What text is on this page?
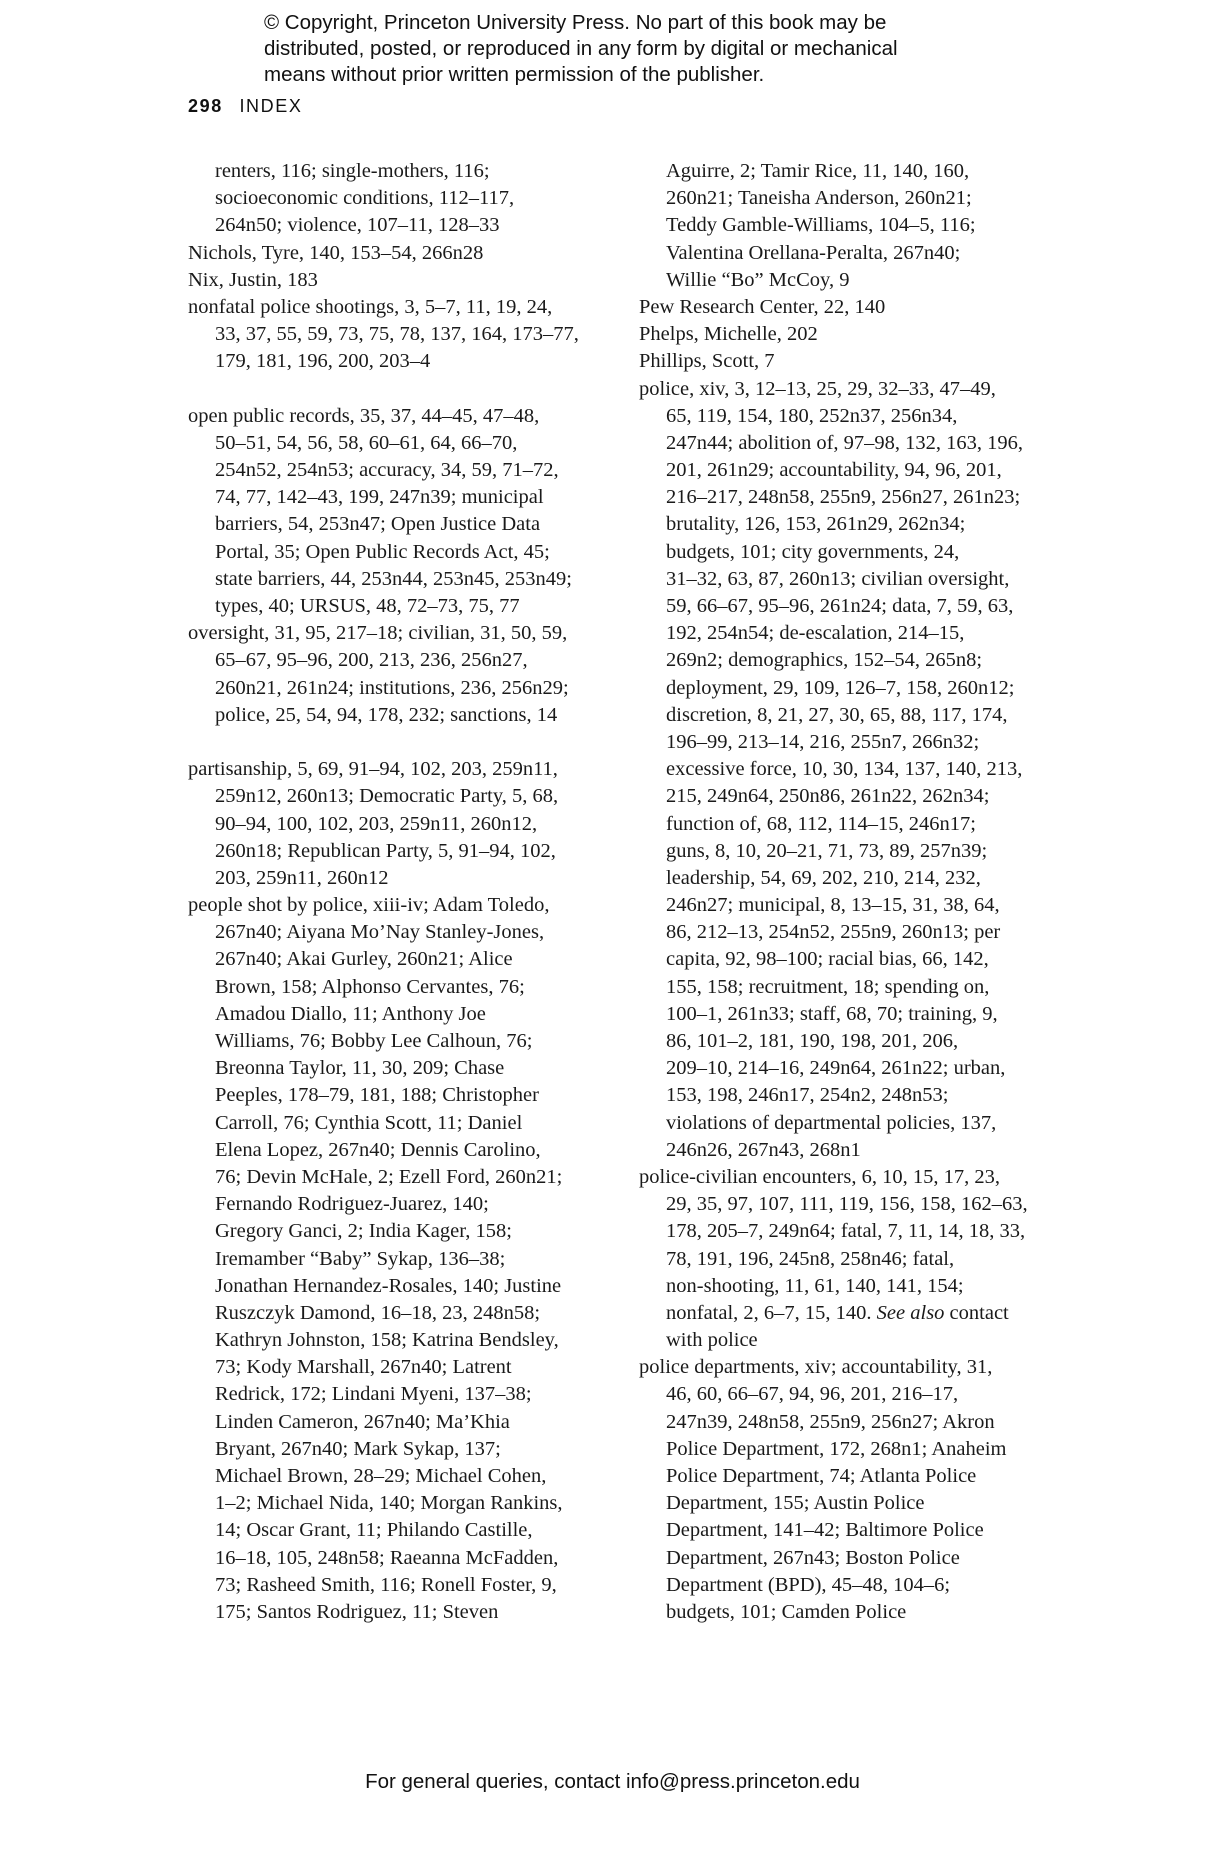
© Copyright, Princeton University Press. No part of this book may be
distributed, posted, or reproduced in any form by digital or mechanical
means without prior written permission of the publisher.
298 INDEX
renters, 116; single-mothers, 116;
socioeconomic conditions, 112–117,
264n50; violence, 107–11, 128–33
Nichols, Tyre, 140, 153–54, 266n28
Nix, Justin, 183
nonfatal police shootings, 3, 5–7, 11, 19, 24,
33, 37, 55, 59, 73, 75, 78, 137, 164, 173–77,
179, 181, 196, 200, 203–4
open public records, 35, 37, 44–45, 47–48,
50–51, 54, 56, 58, 60–61, 64, 66–70,
254n52, 254n53; accuracy, 34, 59, 71–72,
74, 77, 142–43, 199, 247n39; municipal
barriers, 54, 253n47; Open Justice Data
Portal, 35; Open Public Records Act, 45;
state barriers, 44, 253n44, 253n45, 253n49;
types, 40; URSUS, 48, 72–73, 75, 77
oversight, 31, 95, 217–18; civilian, 31, 50, 59,
65–67, 95–96, 200, 213, 236, 256n27,
260n21, 261n24; institutions, 236, 256n29;
police, 25, 54, 94, 178, 232; sanctions, 14
partisanship, 5, 69, 91–94, 102, 203, 259n11,
259n12, 260n13; Democratic Party, 5, 68,
90–94, 100, 102, 203, 259n11, 260n12,
260n18; Republican Party, 5, 91–94, 102,
203, 259n11, 260n12
people shot by police, xiii-iv; Adam Toledo,
267n40; Aiyana Mo’Nay Stanley-Jones,
267n40; Akai Gurley, 260n21; Alice
Brown, 158; Alphonso Cervantes, 76;
Amadou Diallo, 11; Anthony Joe
Williams, 76; Bobby Lee Calhoun, 76;
Breonna Taylor, 11, 30, 209; Chase
Peeples, 178–79, 181, 188; Christopher
Carroll, 76; Cynthia Scott, 11; Daniel
Elena Lopez, 267n40; Dennis Carolino,
76; Devin McHale, 2; Ezell Ford, 260n21;
Fernando Rodriguez-Juarez, 140;
Gregory Ganci, 2; India Kager, 158;
Iremamber “Baby” Sykap, 136–38;
Jonathan Hernandez-Rosales, 140; Justine
Ruszczyk Damond, 16–18, 23, 248n58;
Kathryn Johnston, 158; Katrina Bendsley,
73; Kody Marshall, 267n40; Latrent
Redrick, 172; Lindani Myeni, 137–38;
Linden Cameron, 267n40; Ma’Khia
Bryant, 267n40; Mark Sykap, 137;
Michael Brown, 28–29; Michael Cohen,
1–2; Michael Nida, 140; Morgan Rankins,
14; Oscar Grant, 11; Philando Castille,
16–18, 105, 248n58; Raeanna McFadden,
73; Rasheed Smith, 116; Ronell Foster, 9,
175; Santos Rodriguez, 11; Steven
Aguirre, 2; Tamir Rice, 11, 140, 160,
260n21; Taneisha Anderson, 260n21;
Teddy Gamble-Williams, 104–5, 116;
Valentina Orellana-Peralta, 267n40;
Willie “Bo” McCoy, 9
Pew Research Center, 22, 140
Phelps, Michelle, 202
Phillips, Scott, 7
police, xiv, 3, 12–13, 25, 29, 32–33, 47–49,
65, 119, 154, 180, 252n37, 256n34,
247n44; abolition of, 97–98, 132, 163, 196,
201, 261n29; accountability, 94, 96, 201,
216–217, 248n58, 255n9, 256n27, 261n23;
brutality, 126, 153, 261n29, 262n34;
budgets, 101; city governments, 24,
31–32, 63, 87, 260n13; civilian oversight,
59, 66–67, 95–96, 261n24; data, 7, 59, 63,
192, 254n54; de-escalation, 214–15,
269n2; demographics, 152–54, 265n8;
deployment, 29, 109, 126–7, 158, 260n12;
discretion, 8, 21, 27, 30, 65, 88, 117, 174,
196–99, 213–14, 216, 255n7, 266n32;
excessive force, 10, 30, 134, 137, 140, 213,
215, 249n64, 250n86, 261n22, 262n34;
function of, 68, 112, 114–15, 246n17;
guns, 8, 10, 20–21, 71, 73, 89, 257n39;
leadership, 54, 69, 202, 210, 214, 232,
246n27; municipal, 8, 13–15, 31, 38, 64,
86, 212–13, 254n52, 255n9, 260n13; per
capita, 92, 98–100; racial bias, 66, 142,
155, 158; recruitment, 18; spending on,
100–1, 261n33; staff, 68, 70; training, 9,
86, 101–2, 181, 190, 198, 201, 206,
209–10, 214–16, 249n64, 261n22; urban,
153, 198, 246n17, 254n2, 248n53;
violations of departmental policies, 137,
246n26, 267n43, 268n1
police-civilian encounters, 6, 10, 15, 17, 23,
29, 35, 97, 107, 111, 119, 156, 158, 162–63,
178, 205–7, 249n64; fatal, 7, 11, 14, 18, 33,
78, 191, 196, 245n8, 258n46; fatal,
non-shooting, 11, 61, 140, 141, 154;
nonfatal, 2, 6–7, 15, 140. See also contact
with police
police departments, xiv; accountability, 31,
46, 60, 66–67, 94, 96, 201, 216–17,
247n39, 248n58, 255n9, 256n27; Akron
Police Department, 172, 268n1; Anaheim
Police Department, 74; Atlanta Police
Department, 155; Austin Police
Department, 141–42; Baltimore Police
Department, 267n43; Boston Police
Department (BPD), 45–48, 104–6;
budgets, 101; Camden Police
For general queries, contact info@press.princeton.edu
